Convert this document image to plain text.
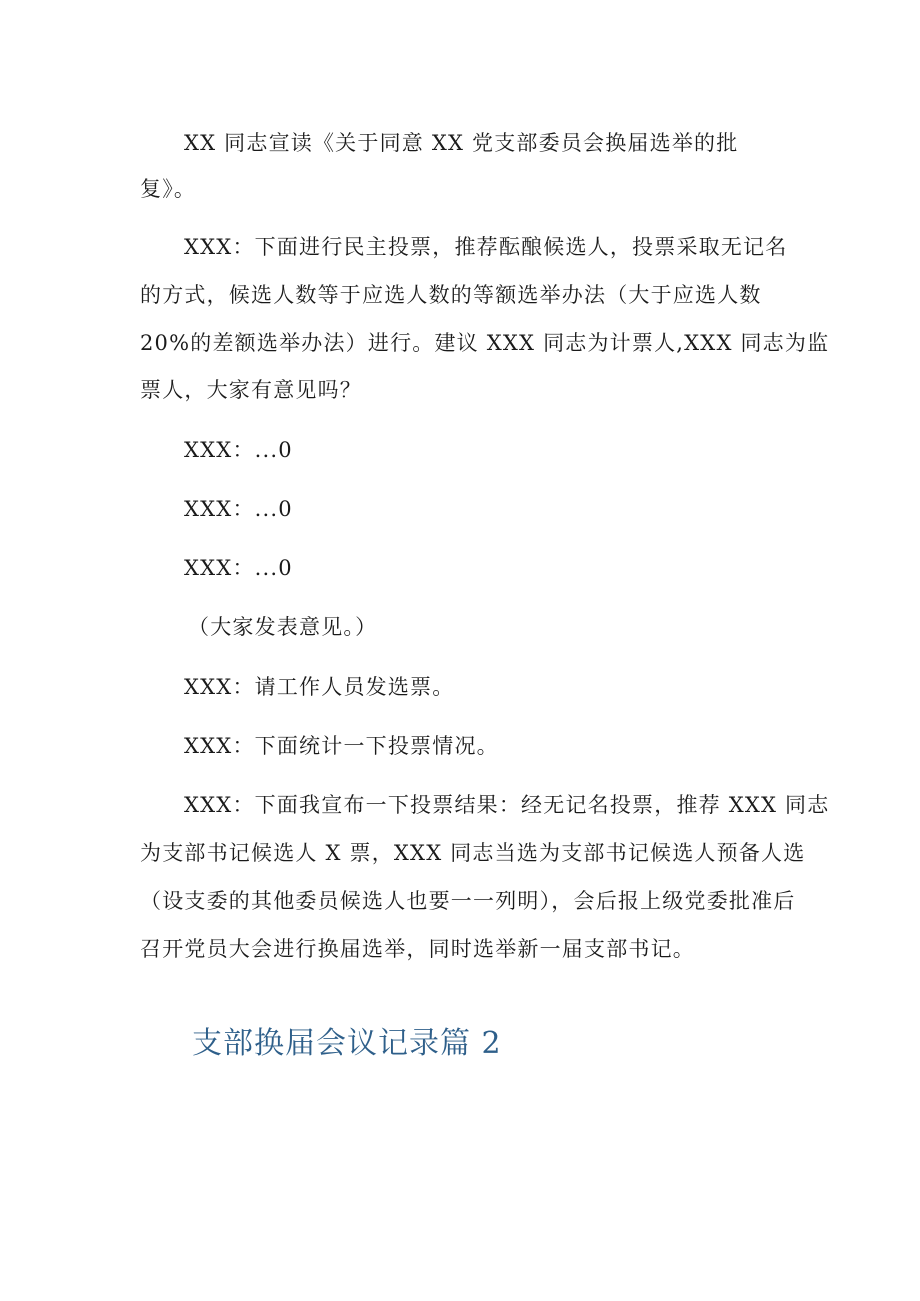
XX 同志宣读《关于同意 XX 党支部委员会换届选举的批
复》。
XXX：下面进行民主投票，推荐酝酿候选人，投票采取无记名
的方式，候选人数等于应选人数的等额选举办法（大于应选人数
20%的差额选举办法）进行。建议 XXX 同志为计票人,XXX 同志为监
票人，大家有意见吗？
XXX：...0
XXX：...0
XXX：...0
（大家发表意见。）
XXX：请工作人员发选票。
XXX：下面统计一下投票情况。
XXX：下面我宣布一下投票结果：经无记名投票，推荐 XXX 同志
为支部书记候选人 X 票，XXX 同志当选为支部书记候选人预备人选
（设支委的其他委员候选人也要一一列明），会后报上级党委批准后
召开党员大会进行换届选举，同时选举新一届支部书记。
支部换届会议记录篇 2
